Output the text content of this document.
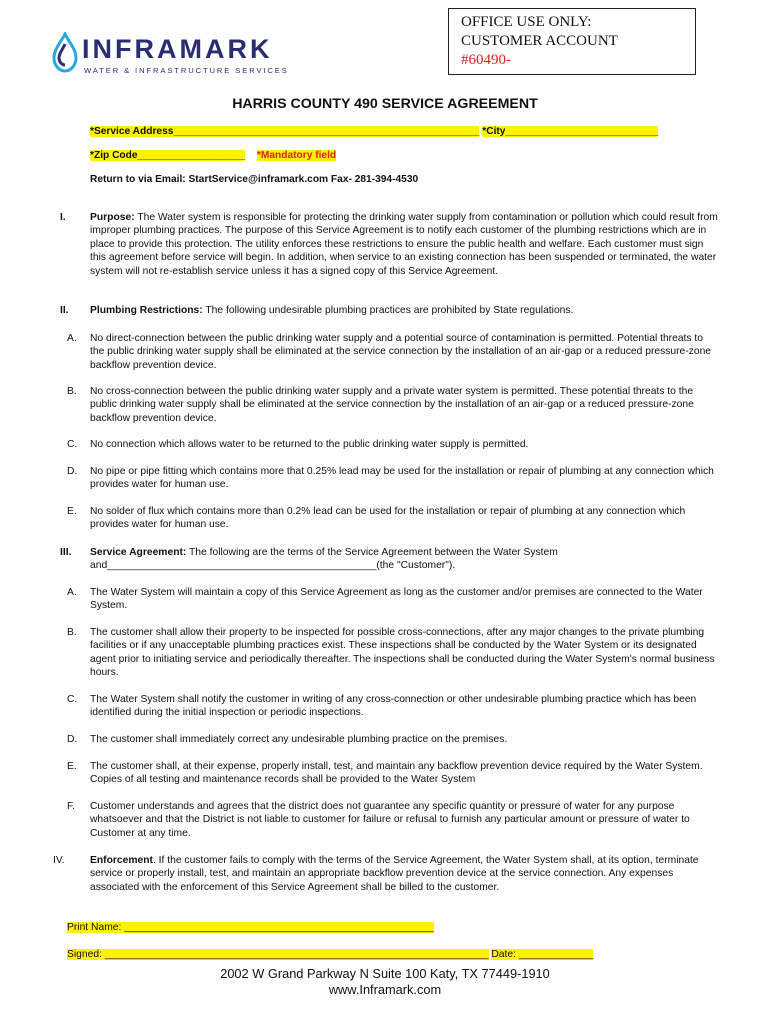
INFRAMARK
WATER & INFRASTRUCTURE SERVICES
OFFICE USE ONLY:
CUSTOMER ACCOUNT
#60490-
HARRIS COUNTY 490 SERVICE AGREEMENT
*Service Address______________________________________________________ *City___________________________
*Zip Code___________________ *Mandatory field
Return to via Email: StartService@inframark.com Fax- 281-394-4530
I.	Purpose: The Water system is responsible for protecting the drinking water supply from contamination or pollution which could result from improper plumbing practices. The purpose of this Service Agreement is to notify each customer of the plumbing restrictions which are in place to provide this protection. The utility enforces these restrictions to ensure the public health and welfare. Each customer must sign this agreement before service will begin. In addition, when service to an existing connection has been suspended or terminated, the water system will not re-establish service unless it has a signed copy of this Service Agreement.
II.	Plumbing Restrictions: The following undesirable plumbing practices are prohibited by State regulations.
A.	No direct-connection between the public drinking water supply and a potential source of contamination is permitted. Potential threats to the public drinking water supply shall be eliminated at the service connection by the installation of an air-gap or a reduced pressure-zone backflow prevention device.
B.	No cross-connection between the public drinking water supply and a private water system is permitted. These potential threats to the public drinking water supply shall be eliminated at the service connection by the installation of an air-gap or a reduced pressure-zone backflow prevention device.
C.	No connection which allows water to be returned to the public drinking water supply is permitted.
D.	No pipe or pipe fitting which contains more that 0.25% lead may be used for the installation or repair of plumbing at any connection which provides water for human use.
E.	No solder of flux which contains more than 0.2% lead can be used for the installation or repair of plumbing at any connection which provides water for human use.
III.	Service Agreement: The following are the terms of the Service Agreement between the Water System
and_______________________________________________(the "Customer").
A.	The Water System will maintain a copy of this Service Agreement as long as the customer and/or premises are connected to the Water System.
B.	The customer shall allow their property to be inspected for possible cross-connections, after any major changes to the private plumbing facilities or if any unacceptable plumbing practices exist. These inspections shall be conducted by the Water System or its designated agent prior to initiating service and periodically thereafter. The inspections shall be conducted during the Water System's normal business hours.
C.	The Water System shall notify the customer in writing of any cross-connection or other undesirable plumbing practice which has been identified during the initial inspection or periodic inspections.
D.	The customer shall immediately correct any undesirable plumbing practice on the premises.
E.	The customer shall, at their expense, properly install, test, and maintain any backflow prevention device required by the Water System. Copies of all testing and maintenance records shall be provided to the Water System
F.	Customer understands and agrees that the district does not guarantee any specific quantity or pressure of water for any purpose whatsoever and that the District is not liable to customer for failure or refusal to furnish any particular amount or pressure of water to Customer at any time.
IV.	Enforcement. If the customer fails to comply with the terms of the Service Agreement, the Water System shall, at its option, terminate service or properly install, test, and maintain an appropriate backflow prevention device at the service connection. Any expenses associated with the enforcement of this Service Agreement shall be billed to the customer.
Print Name: ______________________________________________________
Signed: ___________________________________________________________________ Date: _____________
2002 W Grand Parkway N Suite 100 Katy, TX 77449-1910
www.Inframark.com
